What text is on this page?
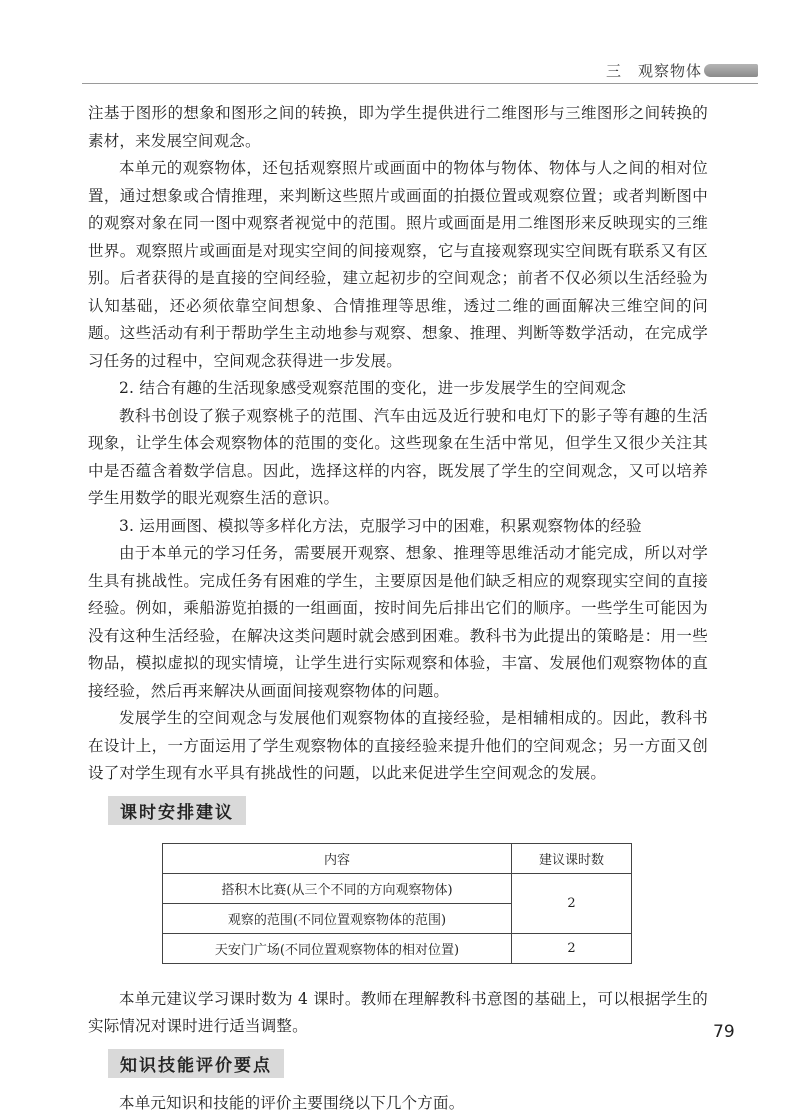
三　观察物体

注基于图形的想象和图形之间的转换，即为学生提供进行二维图形与三维图形之间转换的素材，来发展空间观念。

本单元的观察物体，还包括观察照片或画面中的物体与物体、物体与人之间的相对位置，通过想象或合情推理，来判断这些照片或画面的拍摄位置或观察位置；或者判断图中的观察对象在同一图中观察者视觉中的范围。照片或画面是用二维图形来反映现实的三维世界。观察照片或画面是对现实空间的间接观察，它与直接观察现实空间既有联系又有区别。后者获得的是直接的空间经验，建立起初步的空间观念；前者不仅必须以生活经验为认知基础，还必须依靠空间想象、合情推理等思维，透过二维的画面解决三维空间的问题。这些活动有利于帮助学生主动地参与观察、想象、推理、判断等数学活动，在完成学习任务的过程中，空间观念获得进一步发展。

2. 结合有趣的生活现象感受观察范围的变化，进一步发展学生的空间观念

教科书创设了猴子观察桃子的范围、汽车由远及近行驶和电灯下的影子等有趣的生活现象，让学生体会观察物体的范围的变化。这些现象在生活中常见，但学生又很少关注其中是否蕴含着数学信息。因此，选择这样的内容，既发展了学生的空间观念，又可以培养学生用数学的眼光观察生活的意识。

3. 运用画图、模拟等多样化方法，克服学习中的困难，积累观察物体的经验

由于本单元的学习任务，需要展开观察、想象、推理等思维活动才能完成，所以对学生具有挑战性。完成任务有困难的学生，主要原因是他们缺乏相应的观察现实空间的直接经验。例如，乘船游览拍摄的一组画面，按时间先后排出它们的顺序。一些学生可能因为没有这种生活经验，在解决这类问题时就会感到困难。教科书为此提出的策略是：用一些物品，模拟虚拟的现实情境，让学生进行实际观察和体验，丰富、发展他们观察物体的直接经验，然后再来解决从画面间接观察物体的问题。

发展学生的空间观念与发展他们观察物体的直接经验，是相辅相成的。因此，教科书在设计上，一方面运用了学生观察物体的直接经验来提升他们的空间观念；另一方面又创设了对学生现有水平具有挑战性的问题，以此来促进学生空间观念的发展。

课时安排建议
内容	建议课时数
搭积木比赛(从三个不同的方向观察物体)	2
观察的范围(不同位置观察物体的范围)	
天安门广场(不同位置观察物体的相对位置)	2

本单元建议学习课时数为 4 课时。教师在理解教科书意图的基础上，可以根据学生的实际情况对课时进行适当调整。

知识技能评价要点

本单元知识和技能的评价主要围绕以下几个方面。

79
